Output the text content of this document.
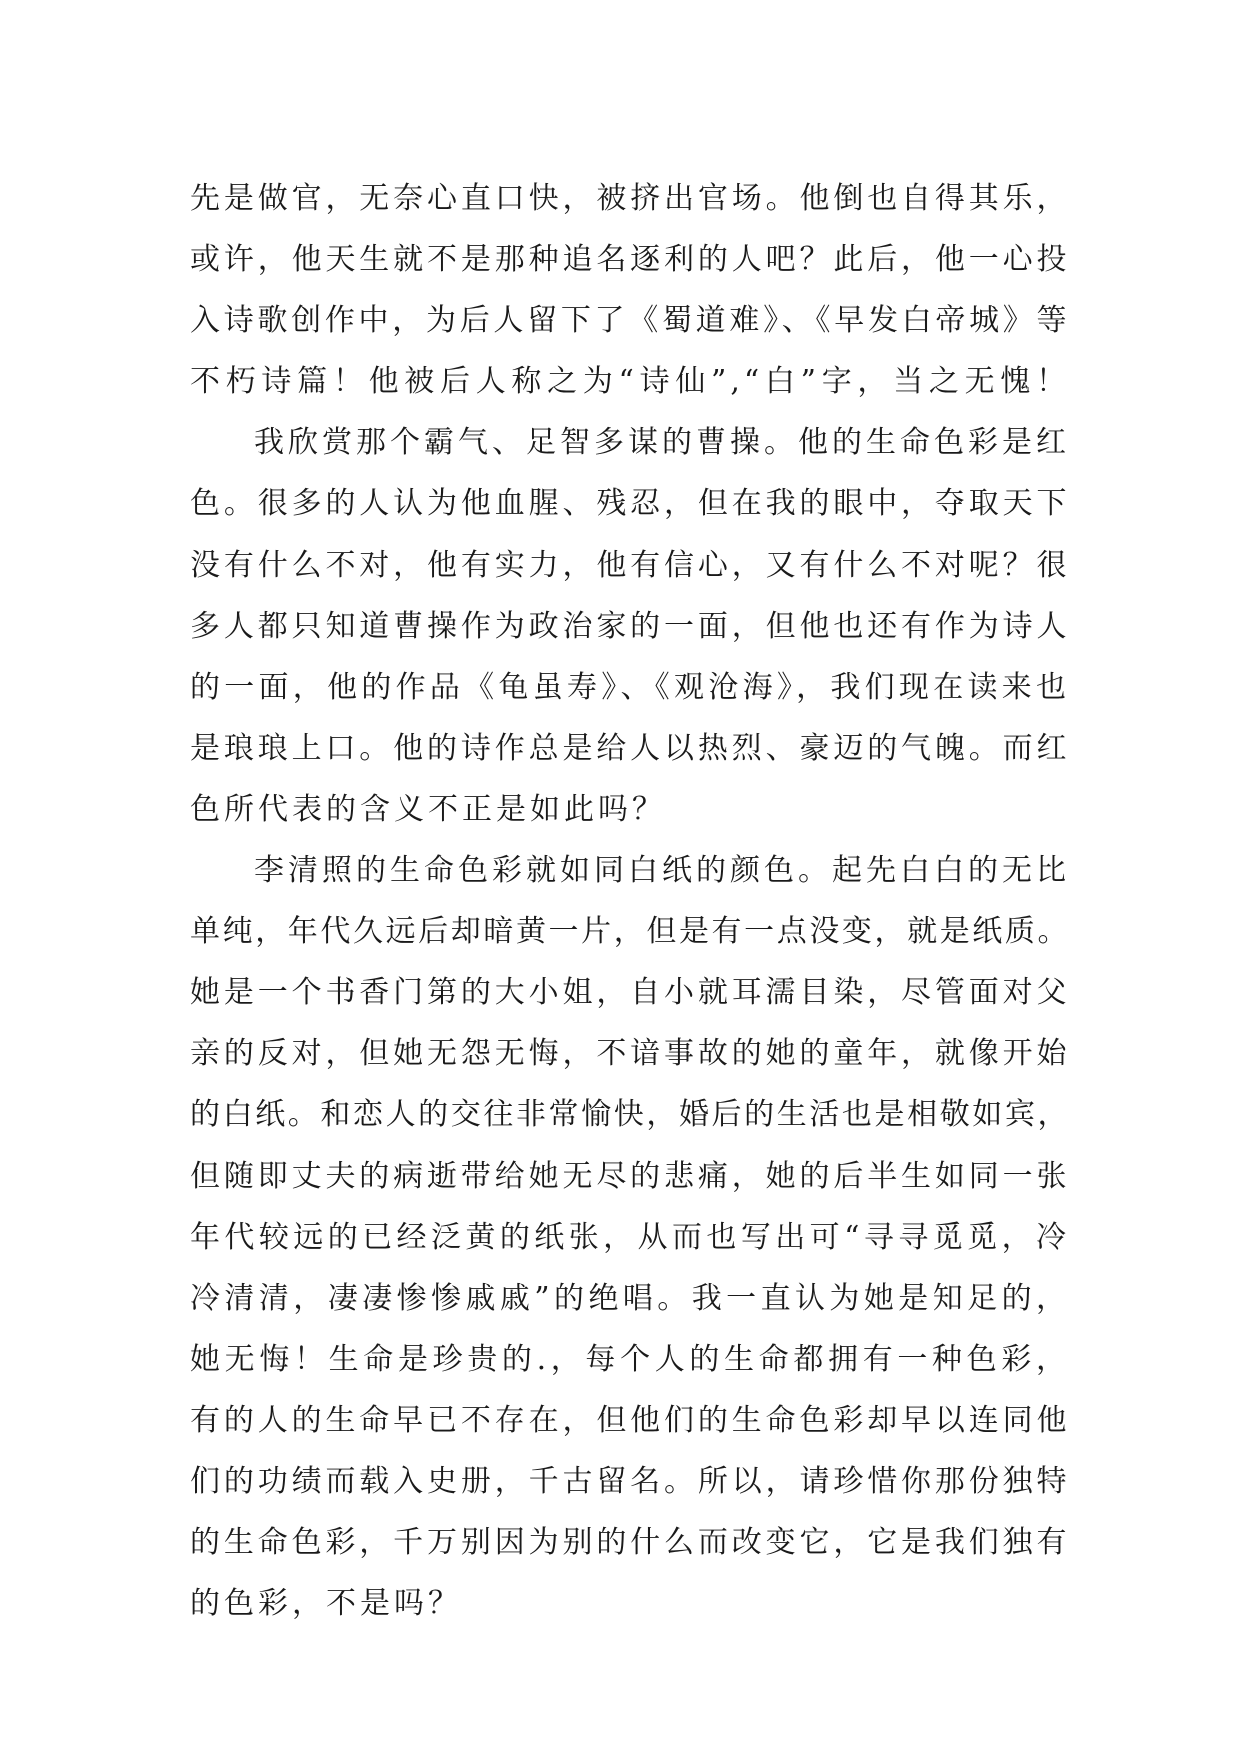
先是做官，无奈心直口快，被挤出官场。他倒也自得其乐，
或许，他天生就不是那种追名逐利的人吧？此后，他一心投
入诗歌创作中，为后人留下了《蜀道难》、《早发白帝城》等
不朽诗篇！他被后人称之为“诗仙”,“白”字，当之无愧！
我欣赏那个霸气、足智多谋的曹操。他的生命色彩是红
色。很多的人认为他血腥、残忍，但在我的眼中，夺取天下
没有什么不对，他有实力，他有信心，又有什么不对呢？很
多人都只知道曹操作为政治家的一面，但他也还有作为诗人
的一面，他的作品《龟虽寿》、《观沧海》，我们现在读来也
是琅琅上口。他的诗作总是给人以热烈、豪迈的气魄。而红
色所代表的含义不正是如此吗？
李清照的生命色彩就如同白纸的颜色。起先白白的无比
单纯，年代久远后却暗黄一片，但是有一点没变，就是纸质。
她是一个书香门第的大小姐，自小就耳濡目染，尽管面对父
亲的反对，但她无怨无悔，不谙事故的她的童年，就像开始
的白纸。和恋人的交往非常愉快，婚后的生活也是相敬如宾，
但随即丈夫的病逝带给她无尽的悲痛，她的后半生如同一张
年代较远的已经泛黄的纸张，从而也写出可“寻寻觅觅，冷
冷清清，凄凄惨惨戚戚”的绝唱。我一直认为她是知足的，
她无悔！生命是珍贵的.，每个人的生命都拥有一种色彩，
有的人的生命早已不存在，但他们的生命色彩却早以连同他
们的功绩而载入史册，千古留名。所以，请珍惜你那份独特
的生命色彩，千万别因为别的什么而改变它，它是我们独有
的色彩，不是吗？
